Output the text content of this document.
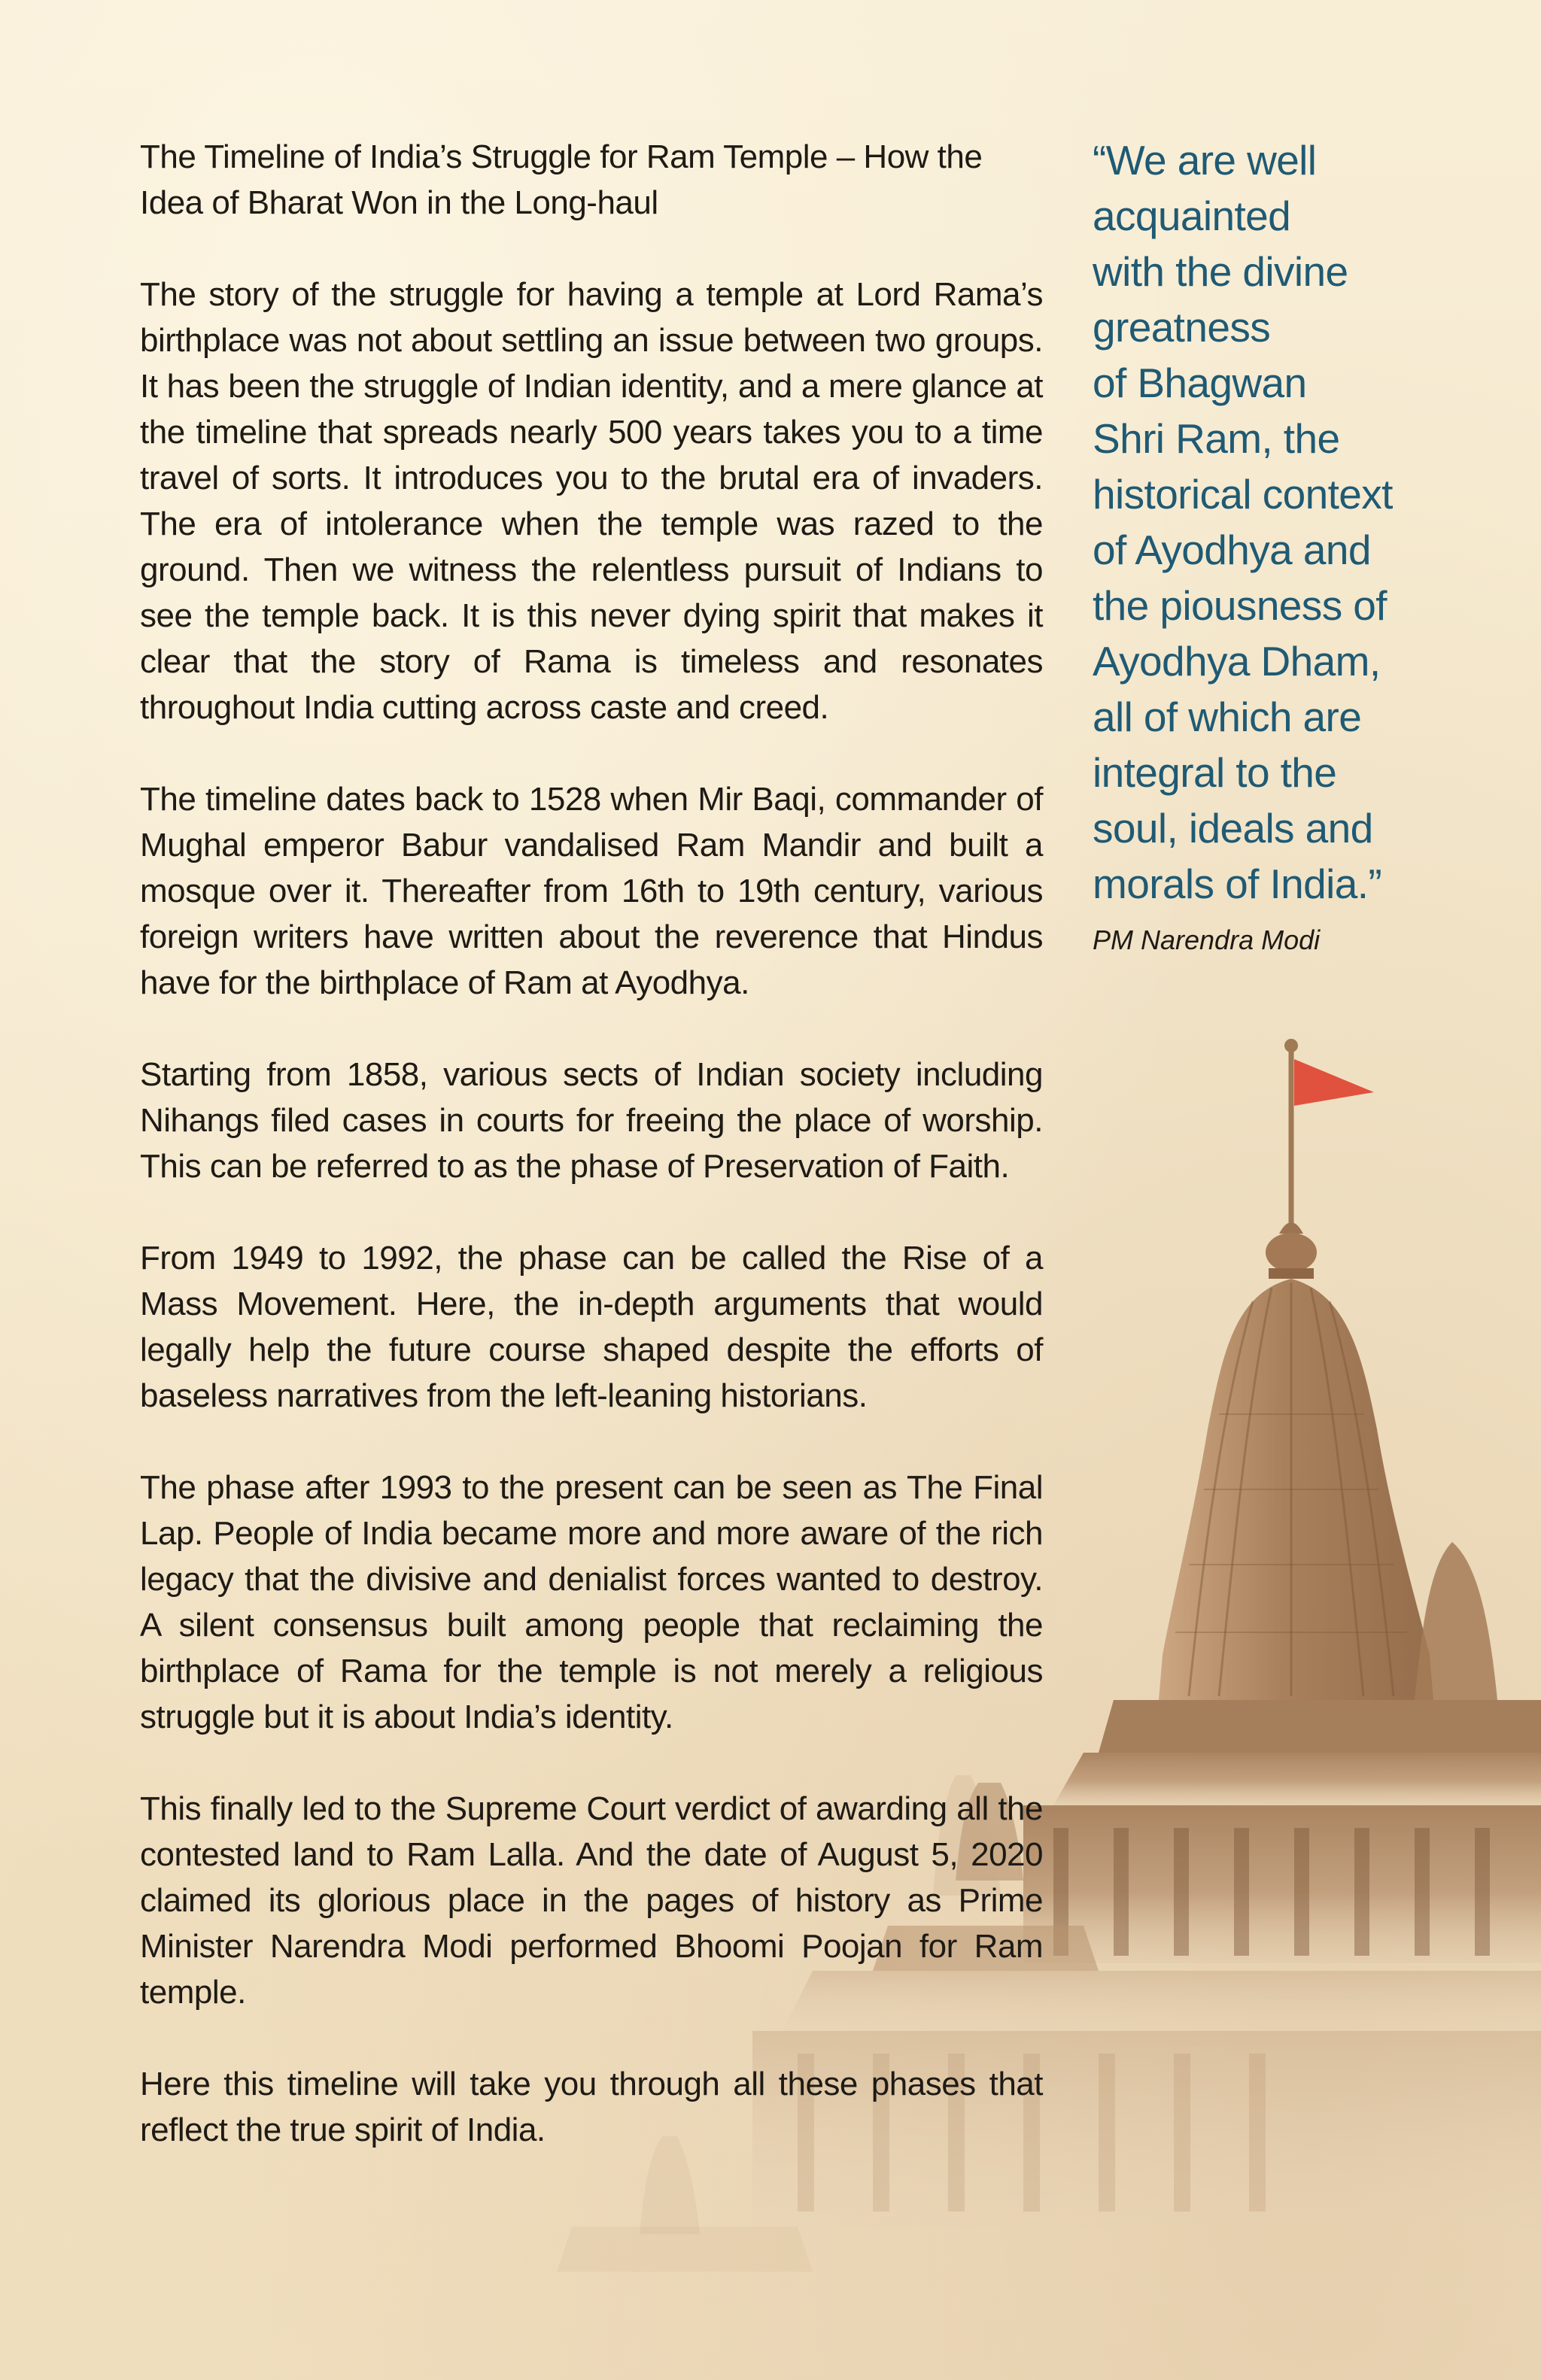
The Timeline of India’s Struggle for Ram Temple – How the Idea of Bharat Won in the Long-haul

The story of the struggle for having a temple at Lord Rama’s birthplace was not about settling an issue between two groups. It has been the struggle of Indian identity, and a mere glance at the timeline that spreads nearly 500 years takes you to a time travel of sorts. It introduces you to the brutal era of invaders. The era of intolerance when the temple was razed to the ground. Then we witness the relentless pursuit of Indians to see the temple back. It is this never dying spirit that makes it clear that the story of Rama is timeless and resonates throughout India cutting across caste and creed.

The timeline dates back to 1528 when Mir Baqi, commander of Mughal emperor Babur vandalised Ram Mandir and built a mosque over it. Thereafter from 16th to 19th century, various foreign writers have written about the reverence that Hindus have for the birthplace of Ram at Ayodhya.

Starting from 1858, various sects of Indian society including Nihangs filed cases in courts for freeing the place of worship. This can be referred to as the phase of Preservation of Faith.

From 1949 to 1992, the phase can be called the Rise of a Mass Movement. Here, the in-depth arguments that would legally help the future course shaped despite the efforts of baseless narratives from the left-leaning historians.

The phase after 1993 to the present can be seen as The Final Lap. People of India became more and more aware of the rich legacy that the divisive and denialist forces wanted to destroy. A silent consensus built among people that reclaiming the birthplace of Rama for the temple is not merely a religious struggle but it is about India’s identity.

This finally led to the Supreme Court verdict of awarding all the contested land to Ram Lalla. And the date of August 5, 2020 claimed its glorious place in the pages of history as Prime Minister Narendra Modi performed Bhoomi Poojan for Ram temple.

Here this timeline will take you through all these phases that reflect the true spirit of India.

“We are well
acquainted
with the divine
greatness
of Bhagwan
Shri Ram, the
historical context
of Ayodhya and
the piousness of
Ayodhya Dham,
all of which are
integral to the
soul, ideals and
morals of India.”

PM Narendra Modi
